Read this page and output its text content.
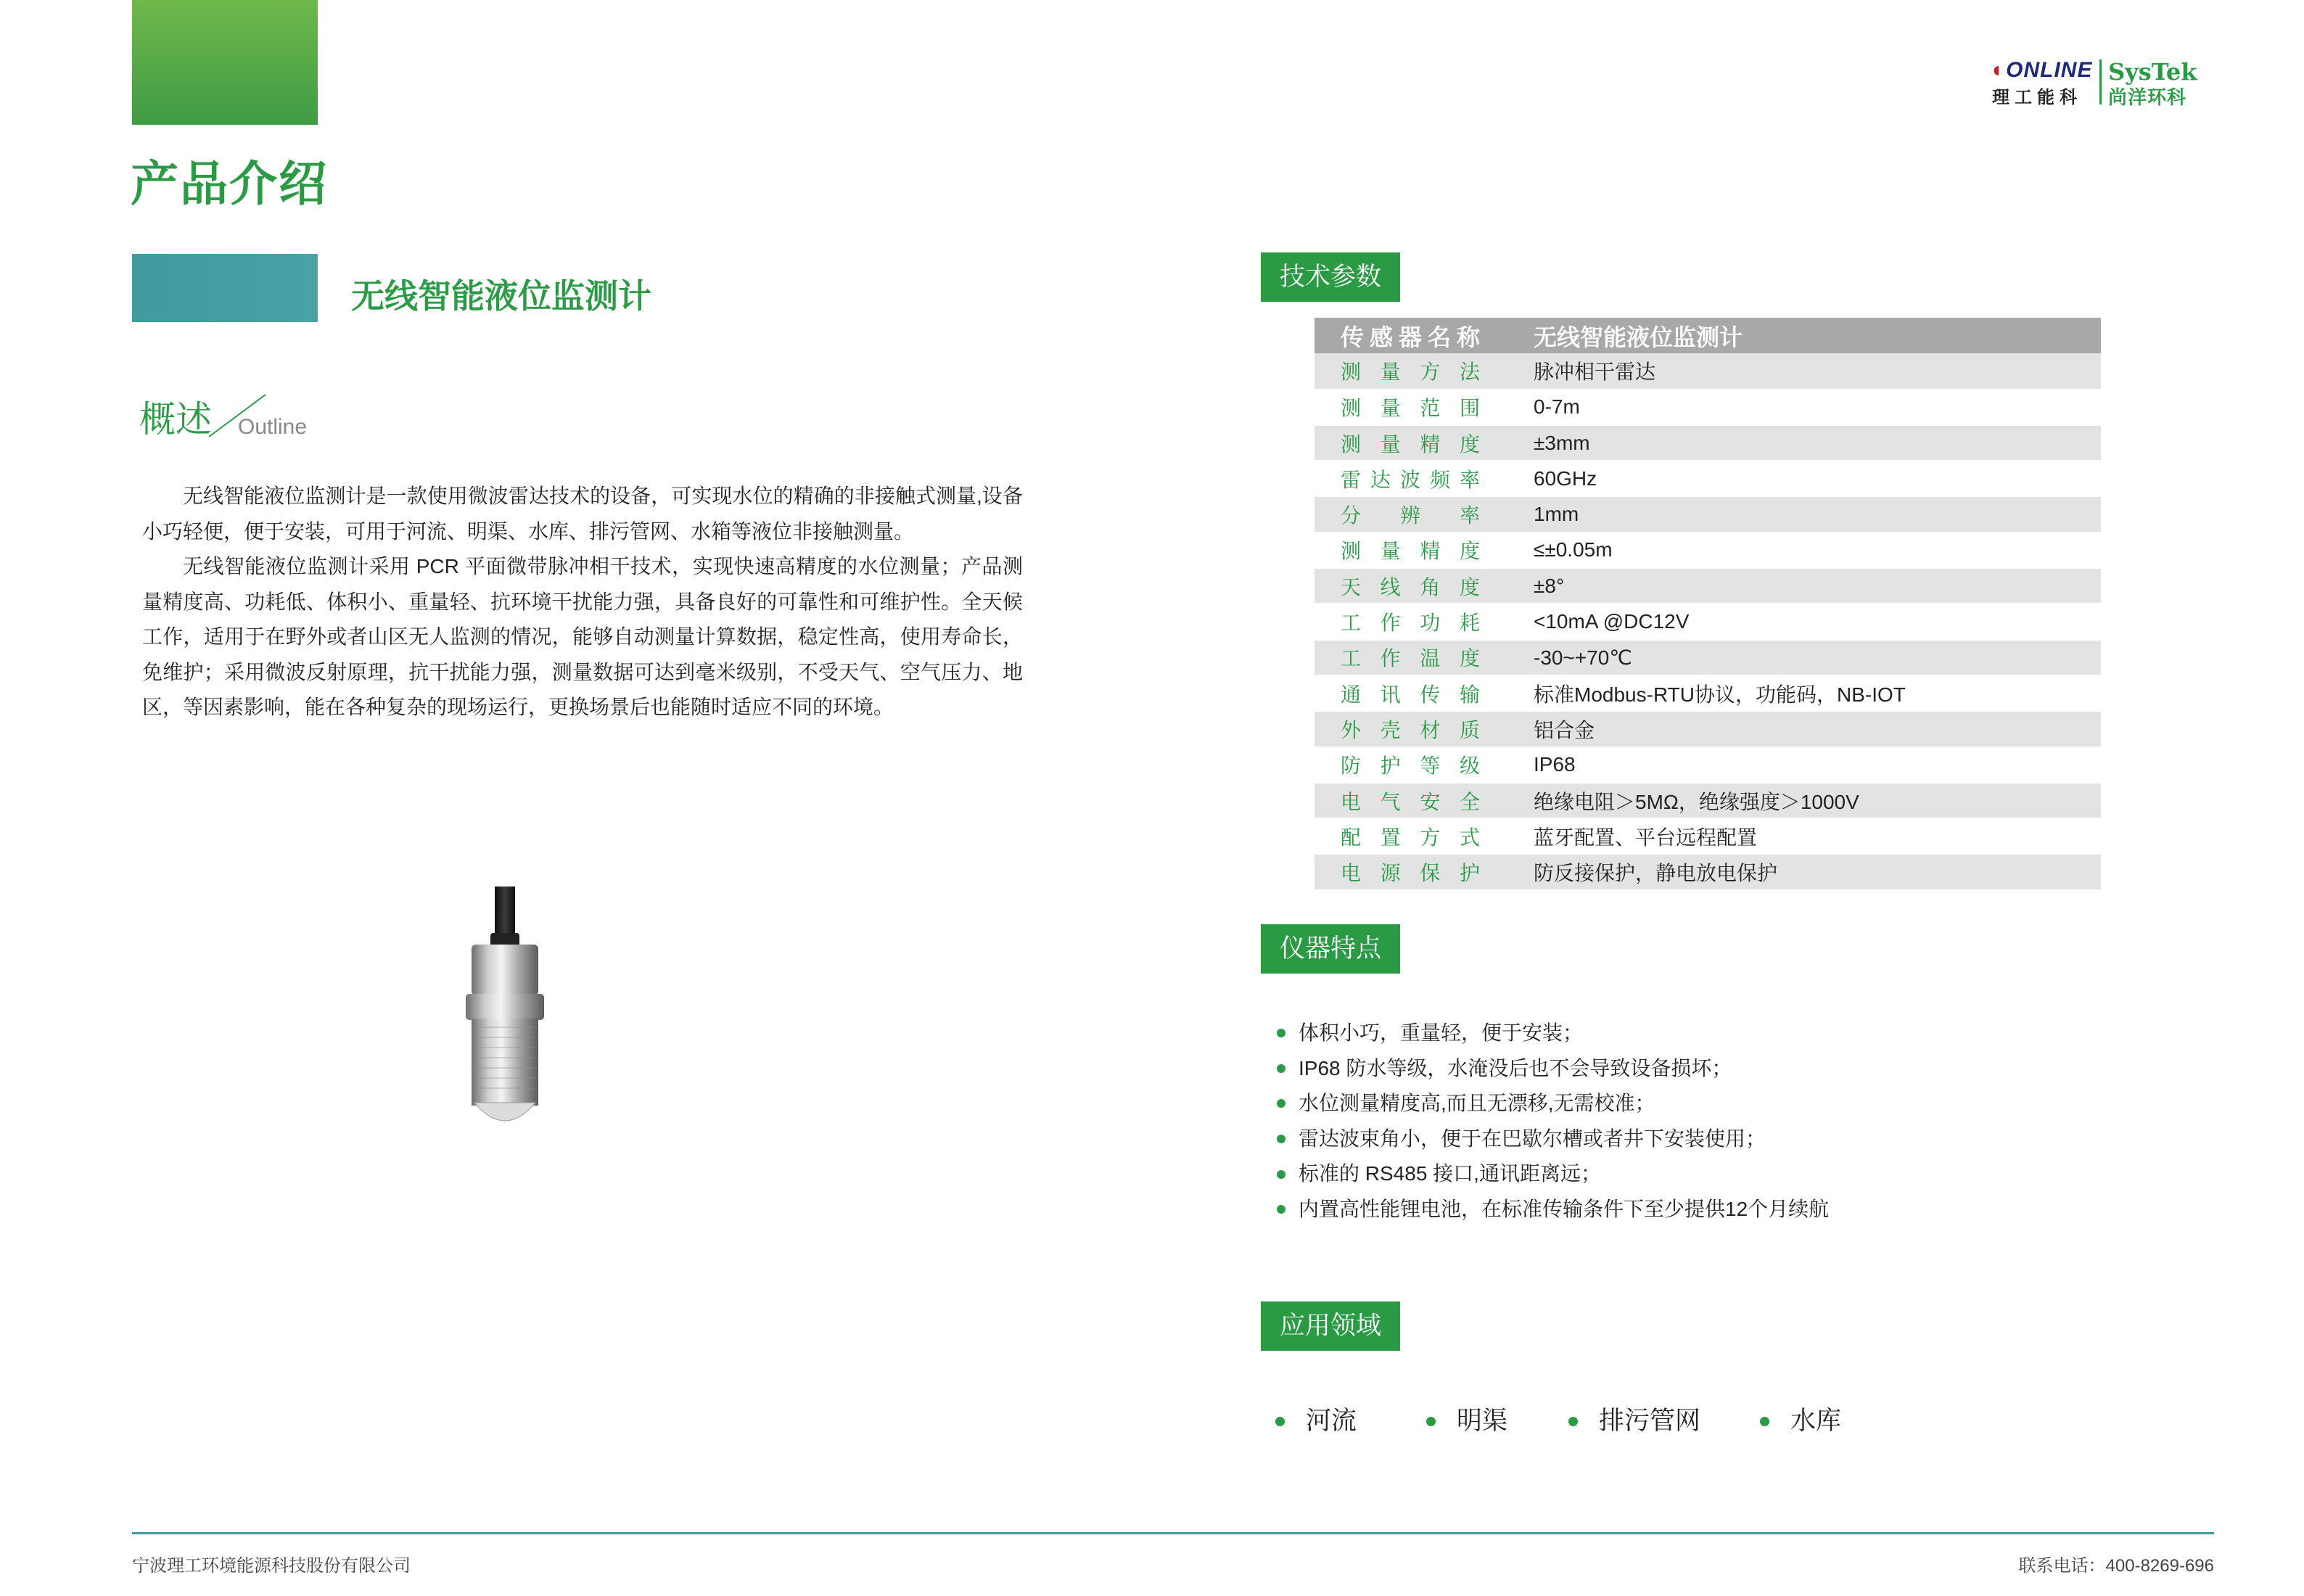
产品介绍
◐ONLINE
理工能科
SysTek
尚洋环科
无线智能液位监测计
概述 Outline

无线智能液位监测计是一款使用微波雷达技术的设备，可实现水位的精确的非接触式测量,设备小巧轻便，便于安装，可用于河流、明渠、水库、排污管网、水箱等液位非接触测量。

无线智能液位监测计采用 PCR 平面微带脉冲相干技术，实现快速高精度的水位测量；产品测量精度高、功耗低、体积小、重量轻、抗环境干扰能力强，具备良好的可靠性和可维护性。全天候工作，适用于在野外或者山区无人监测的情况，能够自动测量计算数据，稳定性高，使用寿命长，免维护；采用微波反射原理，抗干扰能力强，测量数据可达到毫米级别，不受天气、空气压力、地区，等因素影响，能在各种复杂的现场运行，更换场景后也能随时适应不同的环境。

技术参数
传感器名称	无线智能液位监测计

测量方法	脉冲相干雷达

测量范围	0-7m

测量精度	±3mm

雷达波频率	60GHz

分辨率	1mm

测量精度	≤±0.05m

天线角度	±8°

工作功耗	<10mA @DC12V

工作温度	-30~+70℃

通讯传输	标准Modbus-RTU协议，功能码，NB-IOT

外壳材质	铝合金

防护等级	IP68

电气安全	绝缘电阻＞5MΩ，绝缘强度＞1000V

配置方式	蓝牙配置、平台远程配置

电源保护	防反接保护，静电放电保护
仪器特点
体积小巧，重量轻，便于安装；
IP68 防水等级，水淹没后也不会导致设备损坏；
水位测量精度高,而且无漂移,无需校准；
雷达波束角小，便于在巴歇尔槽或者井下安装使用；
标准的 RS485 接口,通讯距离远；
内置高性能锂电池，在标准传输条件下至少提供12个月续航
应用领域
河流	明渠	排污管网	水库
宁波理工环境能源科技股份有限公司	联系电话：400-8269-696
